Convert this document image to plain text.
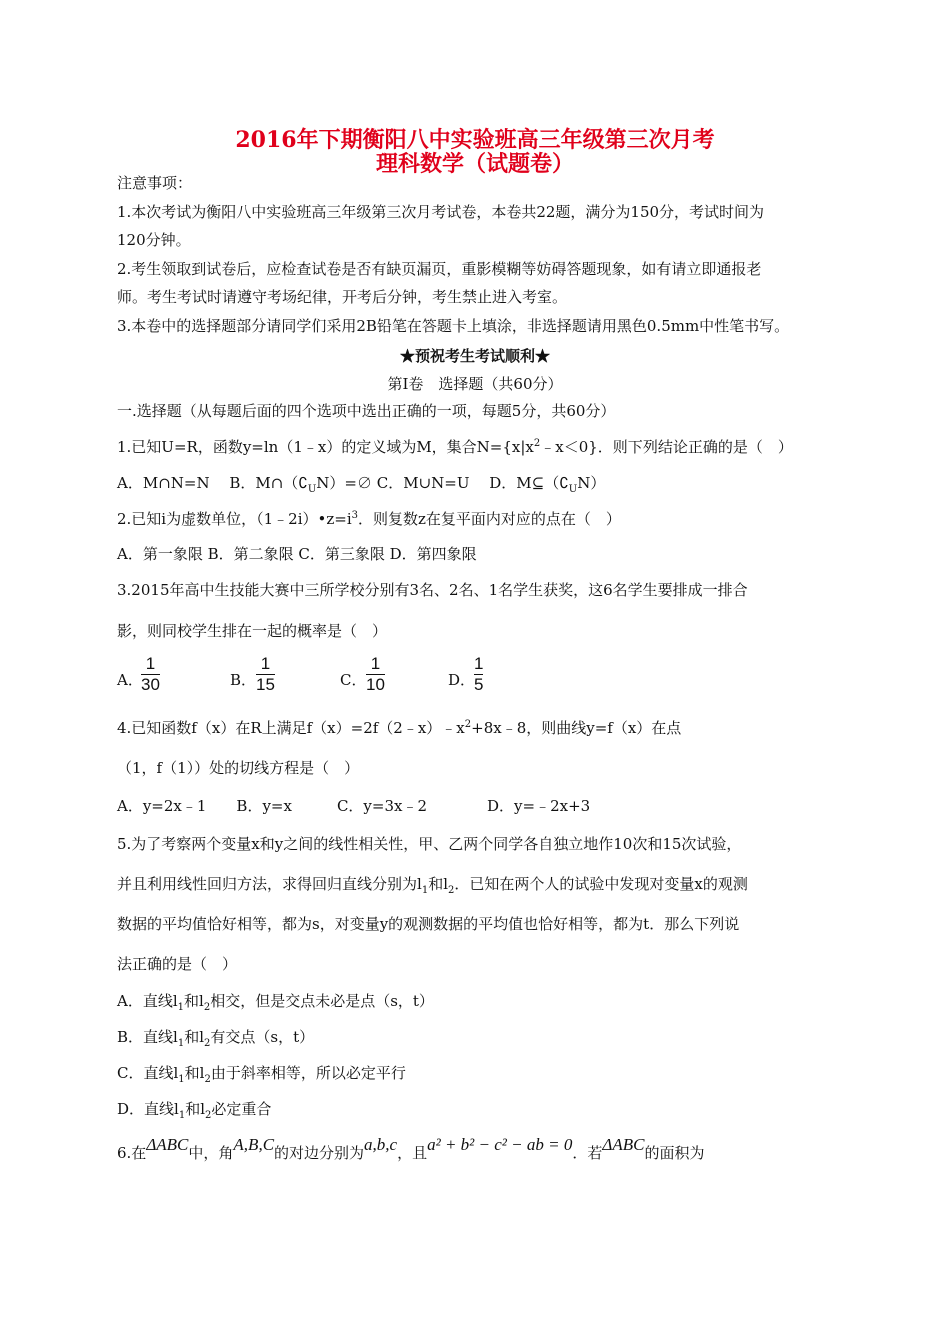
2016年下期衡阳八中实验班高三年级第三次月考
理科数学（试题卷）
注意事项：
1.本次考试为衡阳八中实验班高三年级第三次月考试卷，本卷共22题，满分为150分，考试时间为
120分钟。
2.考生领取到试卷后，应检查试卷是否有缺页漏页，重影模糊等妨碍答题现象，如有请立即通报老
师。考生考试时请遵守考场纪律，开考后分钟，考生禁止进入考室。
3.本卷中的选择题部分请同学们采用2B铅笔在答题卡上填涂，非选择题请用黑色0.5mm中性笔书写。
★预祝考生考试顺利★
第Ⅰ卷　选择题（共60分）
一.选择题（从每题后面的四个选项中选出正确的一项，每题5分，共60分）
1.已知U=R，函数y=ln（1﹣x）的定义域为M，集合$N=\{x|x^2﹣x<0\}$．则下列结论正确的是（　）
A．M∩N=N　 B．$M\cap(∁_UN)=\emptyset$ C．M∪N=U　 D．$M⊆(∁_UN)$
2.已知i为虚数单位，$(1﹣2i)•z=i^3$．则复数z在复平面内对应的点在（　）
A．第一象限 B．第二象限 C．第三象限 D．第四象限
3.2015年高中生技能大赛中三所学校分别有3名、2名、1名学生获奖，这6名学生要排成一排合
影，则同校学生排在一起的概率是（　）
A．
1
30	B．
1
15	C．
1
10	D．
1
5
4.已知函数f（x）在R上满足$f(x)=2f(2﹣x)﹣x^2+8x﹣8$，则曲线y=f（x）在点
（1，f（1））处的切线方程是（　）
A．y=2x﹣1　　B．y=x　　　C．y=3x﹣2　　　　D．y=﹣2x+3
5.为了考察两个变量x和y之间的线性相关性，甲、乙两个同学各自独立地作10次和15次试验，
并且利用线性回归方法，求得回归直线分别为$l_1$和$l_2$．已知在两个人的试验中发现对变量x的观测
数据的平均值恰好相等，都为s，对变量y的观测数据的平均值也恰好相等，都为t．那么下列说
法正确的是（　）
A．直线$l_1$和$l_2$相交，但是交点未必是点（s，t）
B．直线$l_1$和$l_2$有交点（s，t）
C．直线$l_1$和$l_2$由于斜率相等，所以必定平行
D．直线$l_1$和$l_2$必定重合
6.在ΔABC中，角A,B,C的对边分别为a,b,c，且a² + b² − c² − ab = 0．若ΔABC的面积为
